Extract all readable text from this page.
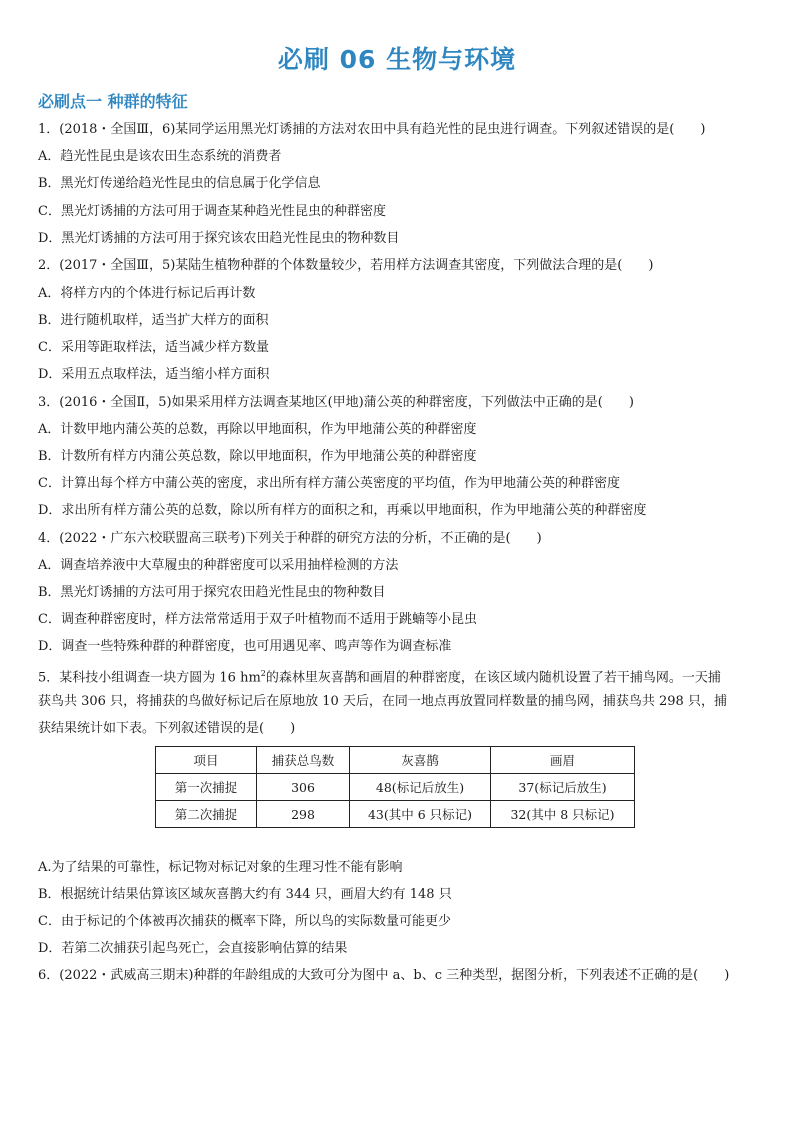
必刷 06 生物与环境
必刷点一 种群的特征
1．(2018・全国Ⅲ，6)某同学运用黑光灯诱捕的方法对农田中具有趋光性的昆虫进行调查。下列叙述错误的是(　　)
A．趋光性昆虫是该农田生态系统的消费者
B．黑光灯传递给趋光性昆虫的信息属于化学信息
C．黑光灯诱捕的方法可用于调查某种趋光性昆虫的种群密度
D．黑光灯诱捕的方法可用于探究该农田趋光性昆虫的物种数目
2．(2017・全国Ⅲ，5)某陆生植物种群的个体数量较少，若用样方法调查其密度，下列做法合理的是(　　)
A．将样方内的个体进行标记后再计数
B．进行随机取样，适当扩大样方的面积
C．采用等距取样法，适当减少样方数量
D．采用五点取样法，适当缩小样方面积
3．(2016・全国Ⅱ，5)如果采用样方法调查某地区(甲地)蒲公英的种群密度，下列做法中正确的是(　　)
A．计数甲地内蒲公英的总数，再除以甲地面积，作为甲地蒲公英的种群密度
B．计数所有样方内蒲公英总数，除以甲地面积，作为甲地蒲公英的种群密度
C．计算出每个样方中蒲公英的密度，求出所有样方蒲公英密度的平均值，作为甲地蒲公英的种群密度
D．求出所有样方蒲公英的总数，除以所有样方的面积之和，再乘以甲地面积，作为甲地蒲公英的种群密度
4．(2022・广东六校联盟高三联考)下列关于种群的研究方法的分析，不正确的是(　　)
A．调查培养液中大草履虫的种群密度可以采用抽样检测的方法
B．黑光灯诱捕的方法可用于探究农田趋光性昆虫的物种数目
C．调查种群密度时，样方法常常适用于双子叶植物而不适用于跳蝻等小昆虫
D．调查一些特殊种群的种群密度，也可用遇见率、鸣声等作为调查标准
5．某科技小组调查一块方圆为 16 $hm^2$的森林里灰喜鹊和画眉的种群密度，在该区域内随机设置了若干捕鸟网。一天捕
获鸟共 306 只，将捕获的鸟做好标记后在原地放 10 天后，在同一地点再放置同样数量的捕鸟网，捕获鸟共 298 只，捕
获结果统计如下表。下列叙述错误的是(　　)
项目	捕获总鸟数	灰喜鹊	画眉
第一次捕捉	306	48(标记后放生)	37(标记后放生)
第二次捕捉	298	43(其中 6 只标记)	32(其中 8 只标记)
A.为了结果的可靠性，标记物对标记对象的生理习性不能有影响
B．根据统计结果估算该区域灰喜鹊大约有 344 只，画眉大约有 148 只
C．由于标记的个体被再次捕获的概率下降，所以鸟的实际数量可能更少
D．若第二次捕获引起鸟死亡，会直接影响估算的结果
6．(2022・武威高三期末)种群的年龄组成的大致可分为图中 a、b、c 三种类型，据图分析，下列表述不正确的是(　　)
